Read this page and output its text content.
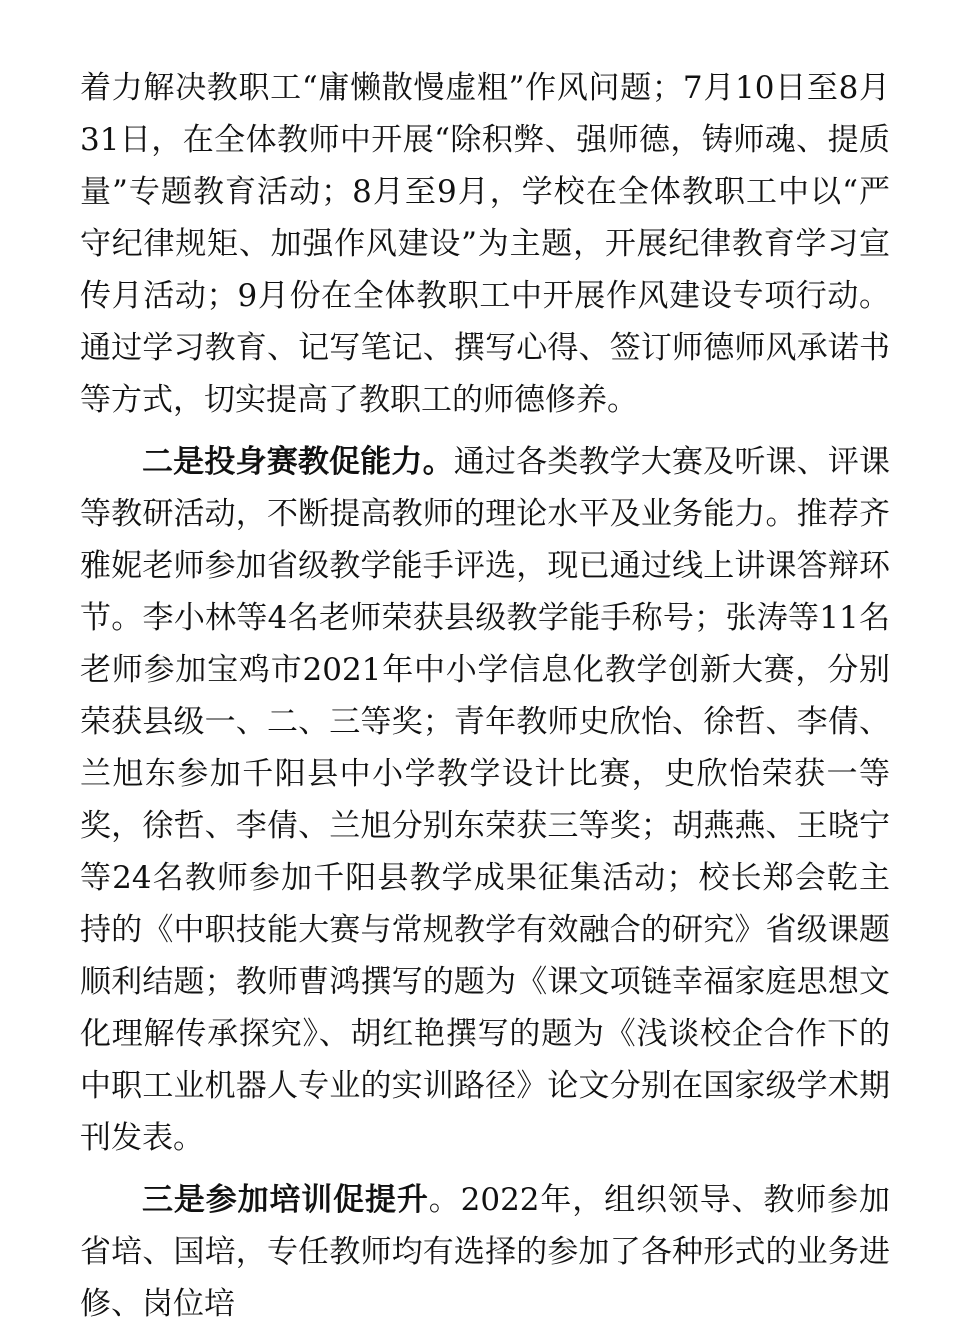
着力解决教职工“庸懒散慢虚粗”作风问题；7月10日至8月31日，在全体教师中开展“除积弊、强师德，铸师魂、提质量”专题教育活动；8月至9月，学校在全体教职工中以“严守纪律规矩、加强作风建设”为主题，开展纪律教育学习宣传月活动；9月份在全体教职工中开展作风建设专项行动。通过学习教育、记写笔记、撰写心得、签订师德师风承诺书等方式，切实提高了教职工的师德修养。

二是投身赛教促能力。通过各类教学大赛及听课、评课等教研活动，不断提高教师的理论水平及业务能力。推荐齐雅妮老师参加省级教学能手评选，现已通过线上讲课答辩环节。李小林等4名老师荣获县级教学能手称号；张涛等11名老师参加宝鸡市2021年中小学信息化教学创新大赛，分别荣获县级一、二、三等奖；青年教师史欣怡、徐哲、李倩、兰旭东参加千阳县中小学教学设计比赛，史欣怡荣获一等奖，徐哲、李倩、兰旭分别东荣获三等奖；胡燕燕、王晓宁等24名教师参加千阳县教学成果征集活动；校长郑会乾主持的《中职技能大赛与常规教学有效融合的研究》省级课题顺利结题；教师曹鸿撰写的题为《课文项链幸福家庭思想文化理解传承探究》、胡红艳撰写的题为《浅谈校企合作下的中职工业机器人专业的实训路径》论文分别在国家级学术期刊发表。

三是参加培训促提升。2022年，组织领导、教师参加省培、国培，专任教师均有选择的参加了各种形式的业务进修、岗位培
